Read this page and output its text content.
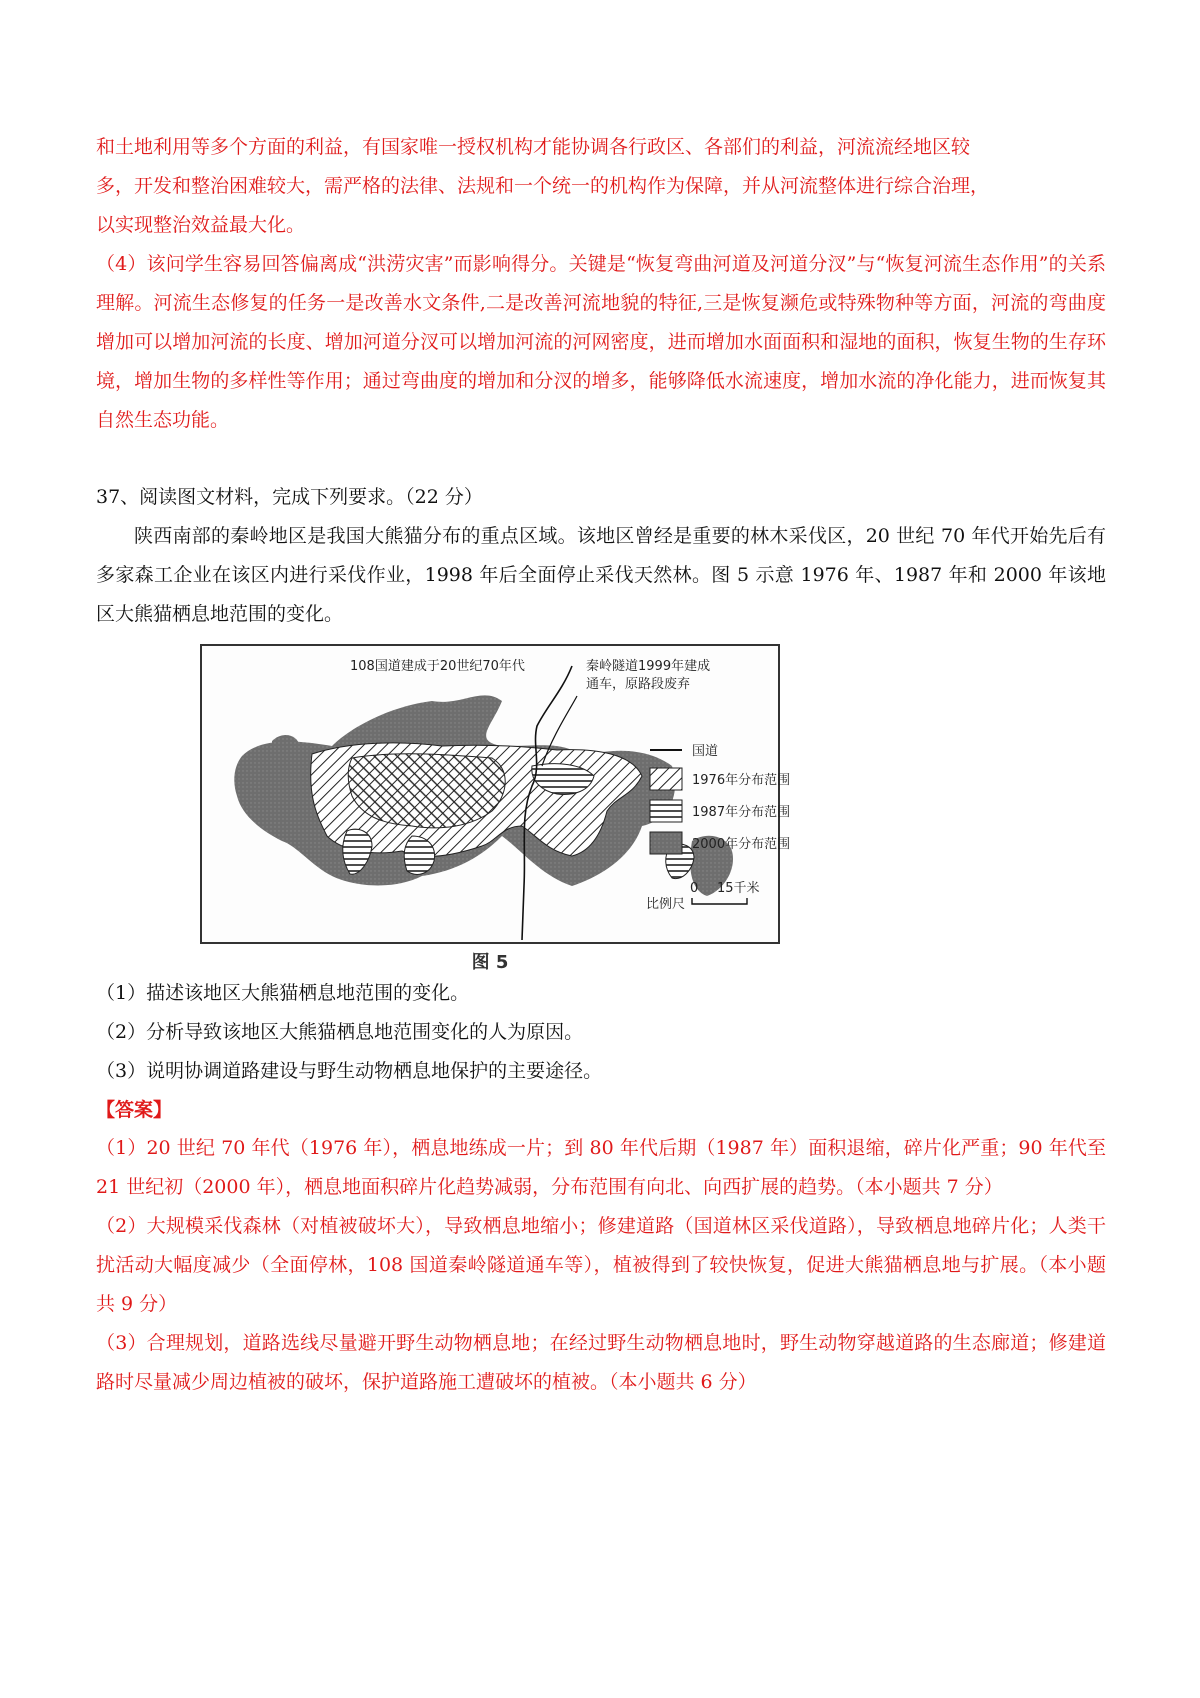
和土地利用等多个方面的利益，有国家唯一授权机构才能协调各行政区、各部们的利益，河流流经地区较

多，开发和整治困难较大，需严格的法律、法规和一个统一的机构作为保障，并从河流整体进行综合治理，

以实现整治效益最大化。

（4）该问学生容易回答偏离成“洪涝灾害”而影响得分。关键是“恢复弯曲河道及河道分汊”与“恢复河流生态作用”的关系理解。河流生态修复的任务一是改善水文条件,二是改善河流地貌的特征,三是恢复濒危或特殊物种等方面，河流的弯曲度增加可以增加河流的长度、增加河道分汊可以增加河流的河网密度，进而增加水面面积和湿地的面积，恢复生物的生存环境，增加生物的多样性等作用；通过弯曲度的增加和分汊的增多，能够降低水流速度，增加水流的净化能力，进而恢复其自然生态功能。

37、阅读图文材料，完成下列要求。（22 分）

陕西南部的秦岭地区是我国大熊猫分布的重点区域。该地区曾经是重要的林木采伐区，20 世纪 70 年代开始先后有多家森工企业在该区内进行采伐作业，1998 年后全面停止采伐天然林。图 5 示意 1976 年、1987 年和 2000 年该地区大熊猫栖息地范围的变化。

108国道建成于20世纪70年代	秦岭隧道1999年建成
通车，原路段废弃
国道
1976年分布范围
1987年分布范围
2000年分布范围
比例尺
0 15千米
图 5

（1）描述该地区大熊猫栖息地范围的变化。

（2）分析导致该地区大熊猫栖息地范围变化的人为原因。

（3）说明协调道路建设与野生动物栖息地保护的主要途径。

【答案】

（1）20 世纪 70 年代（1976 年），栖息地练成一片；到 80 年代后期（1987 年）面积退缩，碎片化严重；90 年代至 21 世纪初（2000 年），栖息地面积碎片化趋势减弱，分布范围有向北、向西扩展的趋势。（本小题共 7 分）

（2）大规模采伐森林（对植被破坏大），导致栖息地缩小；修建道路（国道林区采伐道路），导致栖息地碎片化；人类干扰活动大幅度减少（全面停林，108 国道秦岭隧道通车等），植被得到了较快恢复，促进大熊猫栖息地与扩展。（本小题共 9 分）

（3）合理规划，道路选线尽量避开野生动物栖息地；在经过野生动物栖息地时，野生动物穿越道路的生态廊道；修建道路时尽量减少周边植被的破坏，保护道路施工遭破坏的植被。（本小题共 6 分）
